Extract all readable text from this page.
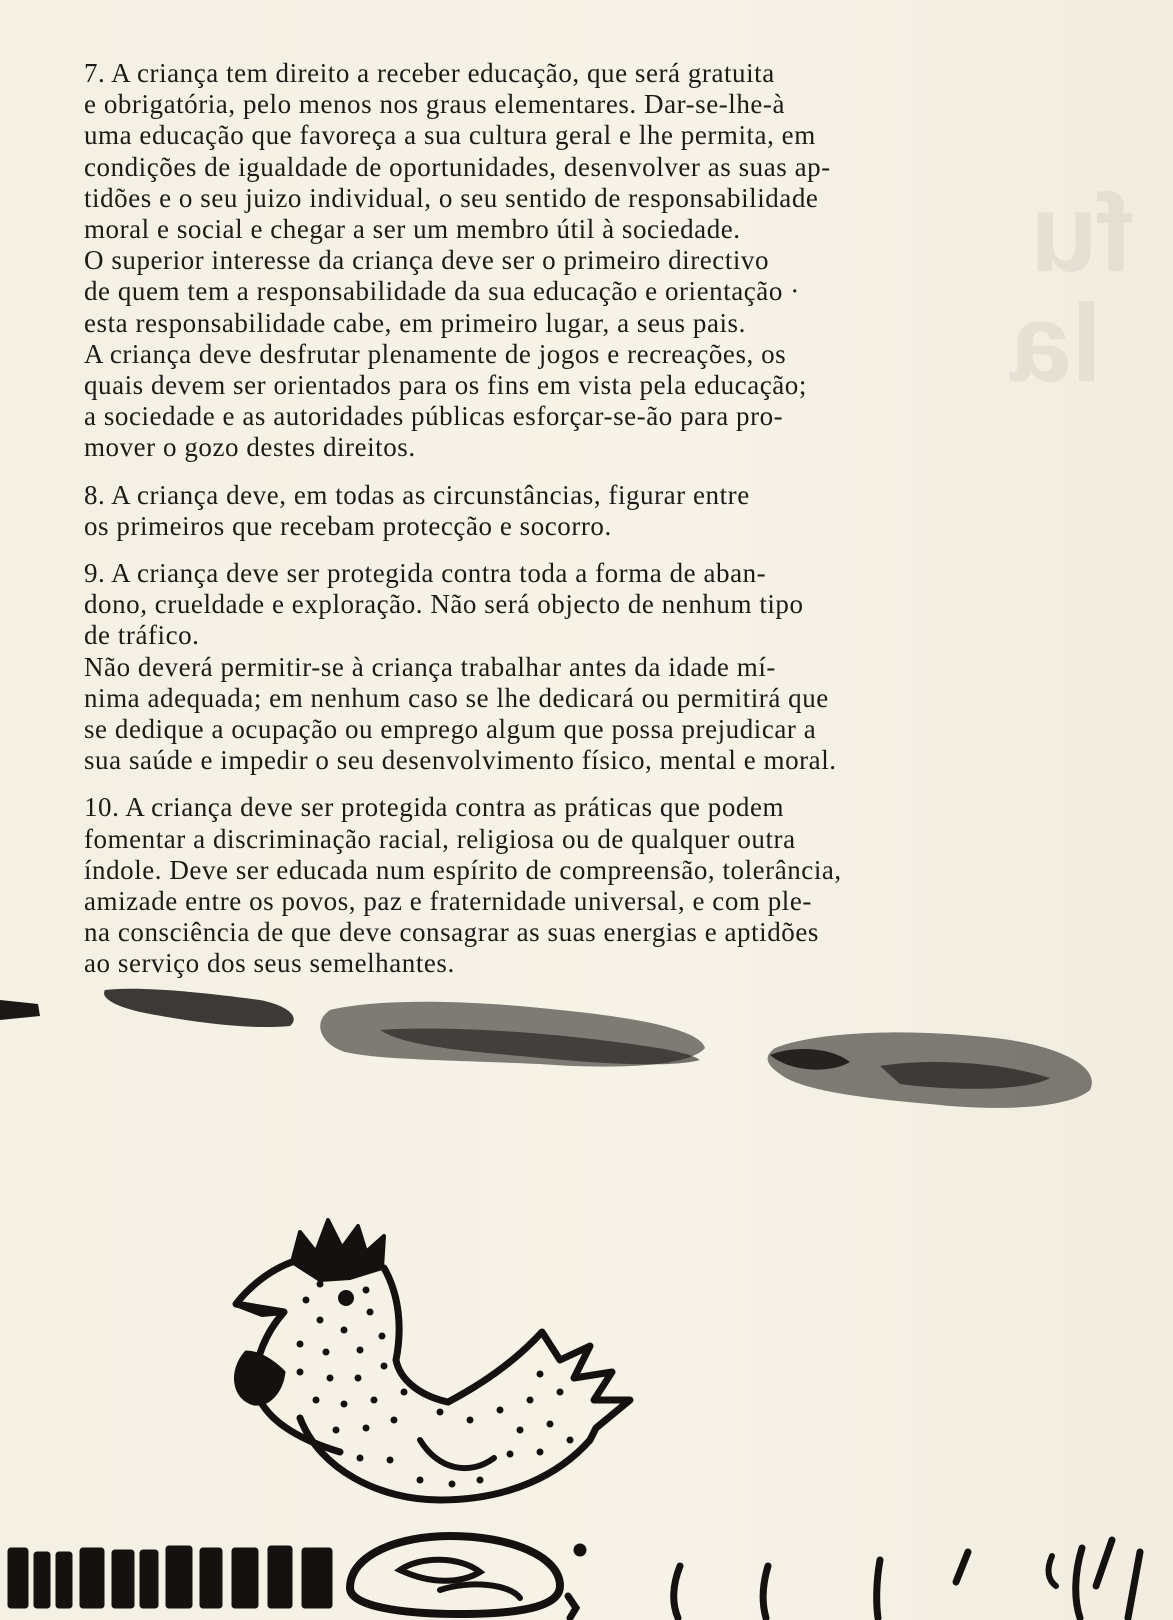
fu
la
7. A criança tem direito a receber educação, que será gratuita
e obrigatória, pelo menos nos graus elementares. Dar-se-lhe-à
uma educação que favoreça a sua cultura geral e lhe permita, em
condições de igualdade de oportunidades, desenvolver as suas ap-
tidões e o seu juizo individual, o seu sentido de responsabilidade
moral e social e chegar a ser um membro útil à sociedade.
O superior interesse da criança deve ser o primeiro directivo
de quem tem a responsabilidade da sua educação e orientação ·
esta responsabilidade cabe, em primeiro lugar, a seus pais.
A criança deve desfrutar plenamente de jogos e recreações, os
quais devem ser orientados para os fins em vista pela educação;
a sociedade e as autoridades públicas esforçar-se-ão para pro-
mover o gozo destes direitos.
8. A criança deve, em todas as circunstâncias, figurar entre
os primeiros que recebam protecção e socorro.
9. A criança deve ser protegida contra toda a forma de aban-
dono, crueldade e exploração. Não será objecto de nenhum tipo
de tráfico.
Não deverá permitir-se à criança trabalhar antes da idade mí-
nima adequada; em nenhum caso se lhe dedicará ou permitirá que
se dedique a ocupação ou emprego algum que possa prejudicar a
sua saúde e impedir o seu desenvolvimento físico, mental e moral.
10. A criança deve ser protegida contra as práticas que podem
fomentar a discriminação racial, religiosa ou de qualquer outra
índole. Deve ser educada num espírito de compreensão, tolerância,
amizade entre os povos, paz e fraternidade universal, e com ple-
na consciência de que deve consagrar as suas energias e aptidões
ao serviço dos seus semelhantes.
